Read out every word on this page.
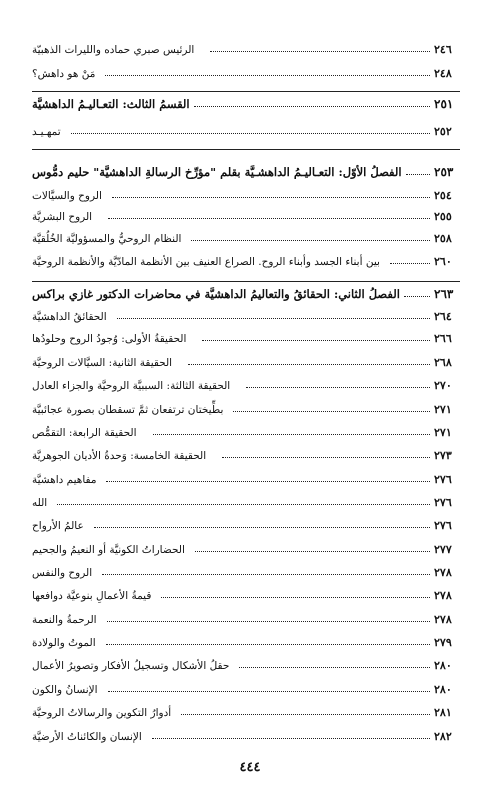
الرئيس صبري حماده والليرات الذهبيّة	٢٤٦
مَنْ هو داهش؟	٢٤٨
القسمُ الثالث: التعـاليـمُ الداهشيَّة	٢٥١
تمهـيـد	٢٥٢
الفصلُ الأوّل: التعـاليـمُ الداهشـيَّة بقلم "مؤرِّخ الرسالةِ الداهشيَّة" حليم دمُّوس	٢٥٣
الروح والسيَّالات	٢٥٤
الروح البشريَّة	٢٥٥
النظام الروحيُّ والمسؤوليَّة الخُلُقيَّة	٢٥٨
بين أبناء الجسد وأبناء الروح. الصراع العنيف بين الأنظمة المادّيَّة والأنظمة الروحيَّة	٢٦٠
الفصلُ الثاني: الحقائقُ والتعاليمُ الداهشيَّة في محاضرات الدكتور غازي براكس	٢٦٣
الحقائقُ الداهشيَّة	٢٦٤
الحقيقةُ الأولى: وُجودُ الروح وحلودُها	٢٦٦
الحقيقة الثانية: السيَّالات الروحيَّة	٢٦٨
الحقيقة الثالثة: السببيَّة الروحيَّة والجزاء العادل	٢٧٠
بطِّيختان ترتفعان ثمَّ تسقطان بصورة عجائبيَّة	٢٧١
الحقيقة الرابعة: التقمُّص	٢٧١
الحقيقة الخامسة: وَحدةُ الأديان الجوهريَّة	٢٧٣
مفاهيم داهشيَّة	٢٧٦
الله	٢٧٦
عالمُ الأرواح	٢٧٦
الحضاراتُ الكونيَّة أو النعيمُ والجحيم	٢٧٧
الروح والنفس	٢٧٨
قيمةُ الأعمالِ بنوعيَّة دوافعها	٢٧٨
الرحمةُ والنعمة	٢٧٨
الموتُ والولادة	٢٧٩
حقلُ الأشكال وتسجيلُ الأفكار وتصويرُ الأعمال	٢٨٠
الإنسانُ والكون	٢٨٠
أدوارُ التكوين والرسالاتُ الروحيَّة	٢٨١
الإنسان والكائناتُ الأرضيَّة	٢٨٢
٤٤٤
